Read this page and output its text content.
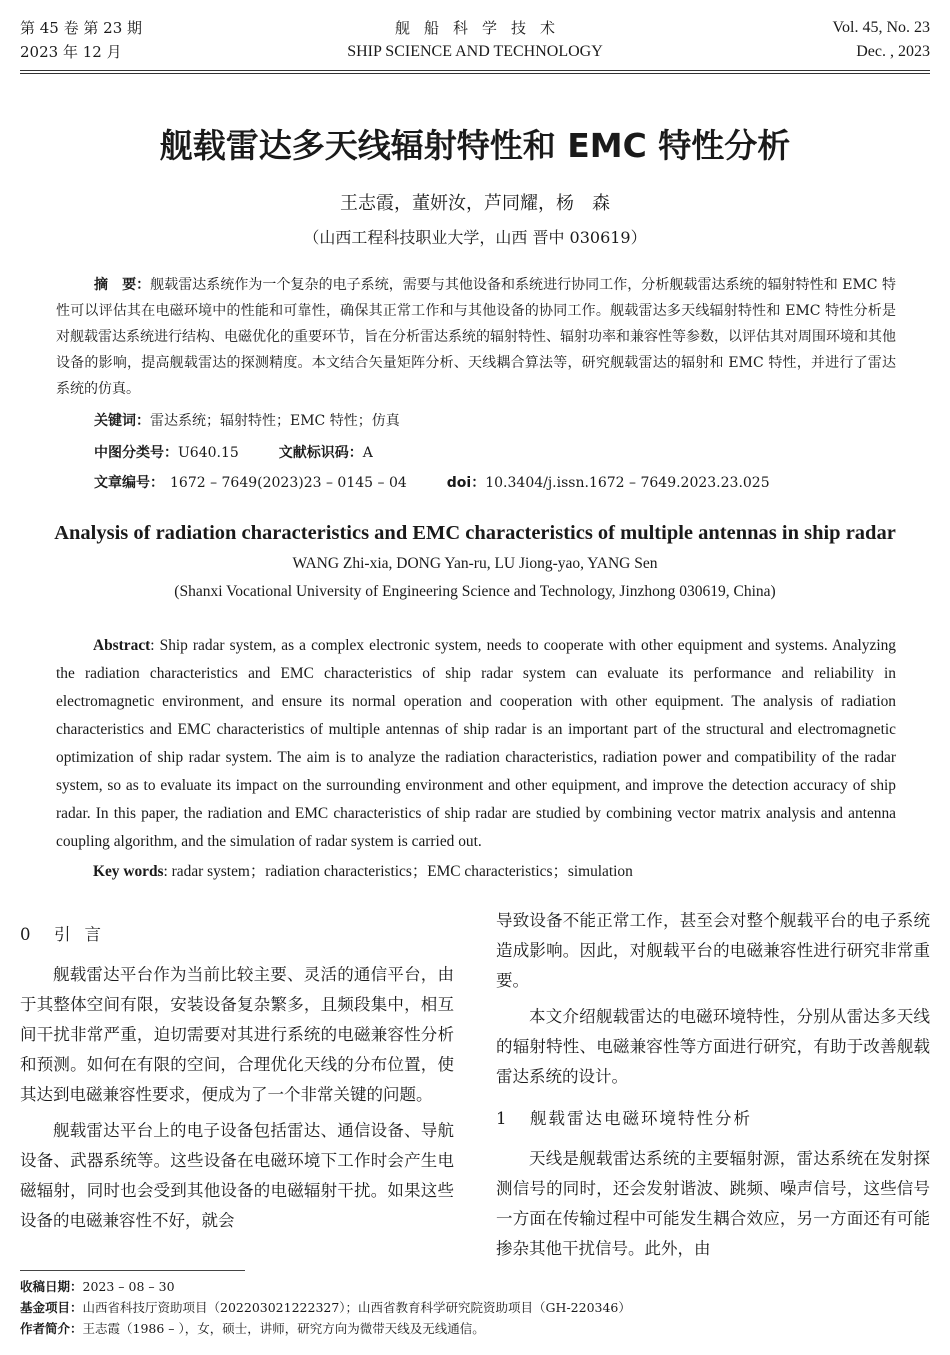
第 45 卷 第 23 期
2023 年 12 月
舰船科学技术
SHIP SCIENCE AND TECHNOLOGY
Vol. 45, No. 23
Dec. , 2023
舰载雷达多天线辐射特性和 EMC 特性分析
王志霞，董妍汝，芦同耀，杨　森
（山西工程科技职业大学，山西 晋中 030619）
摘　要：舰载雷达系统作为一个复杂的电子系统，需要与其他设备和系统进行协同工作，分析舰载雷达系统的辐射特性和 EMC 特性可以评估其在电磁环境中的性能和可靠性，确保其正常工作和与其他设备的协同工作。舰载雷达多天线辐射特性和 EMC 特性分析是对舰载雷达系统进行结构、电磁优化的重要环节，旨在分析雷达系统的辐射特性、辐射功率和兼容性等参数，以评估其对周围环境和其他设备的影响，提高舰载雷达的探测精度。本文结合矢量矩阵分析、天线耦合算法等，研究舰载雷达的辐射和 EMC 特性，并进行了雷达系统的仿真。
关键词：雷达系统；辐射特性；EMC 特性；仿真
中图分类号：U640.15	文献标识码：A
文章编号： 1672 – 7649(2023)23 – 0145 – 04	doi：10.3404/j.issn.1672 – 7649.2023.23.025
Analysis of radiation characteristics and EMC characteristics of multiple antennas in ship radar
WANG Zhi-xia, DONG Yan-ru, LU Jiong-yao, YANG Sen
(Shanxi Vocational University of Engineering Science and Technology, Jinzhong 030619, China)
Abstract: Ship radar system, as a complex electronic system, needs to cooperate with other equipment and systems. Analyzing the radiation characteristics and EMC characteristics of ship radar system can evaluate its performance and reliability in electromagnetic environment, and ensure its normal operation and cooperation with other equipment. The analysis of radiation characteristics and EMC characteristics of multiple antennas of ship radar is an important part of the structural and electromagnetic optimization of ship radar system. The aim is to analyze the radiation characteristics, radiation power and compatibility of the radar system, so as to evaluate its impact on the surrounding environment and other equipment, and improve the detection accuracy of ship radar. In this paper, the radiation and EMC characteristics of ship radar are studied by combining vector matrix analysis and antenna coupling algorithm, and the simulation of radar system is carried out.
Key words: radar system；radiation characteristics；EMC characteristics；simulation
0 引言

舰载雷达平台作为当前比较主要、灵活的通信平台，由于其整体空间有限，安装设备复杂繁多，且频段集中，相互间干扰非常严重，迫切需要对其进行系统的电磁兼容性分析和预测。如何在有限的空间，合理优化天线的分布位置，使其达到电磁兼容性要求，便成为了一个非常关键的问题。

舰载雷达平台上的电子设备包括雷达、通信设备、导航设备、武器系统等。这些设备在电磁环境下工作时会产生电磁辐射，同时也会受到其他设备的电磁辐射干扰。如果这些设备的电磁兼容性不好，就会

导致设备不能正常工作，甚至会对整个舰载平台的电子系统造成影响。因此，对舰载平台的电磁兼容性进行研究非常重要。

本文介绍舰载雷达的电磁环境特性，分别从雷达多天线的辐射特性、电磁兼容性等方面进行研究，有助于改善舰载雷达系统的设计。

1 舰载雷达电磁环境特性分析

天线是舰载雷达系统的主要辐射源，雷达系统在发射探测信号的同时，还会发射谐波、跳频、噪声信号，这些信号一方面在传输过程中可能发生耦合效应，另一方面还有可能掺杂其他干扰信号。此外，由

收稿日期：2023 – 08 – 30
基金项目：山西省科技厅资助项目（202203021222327）；山西省教育科学研究院资助项目（GH-220346）
作者简介：王志霞（1986 – ），女，硕士，讲师，研究方向为微带天线及无线通信。
